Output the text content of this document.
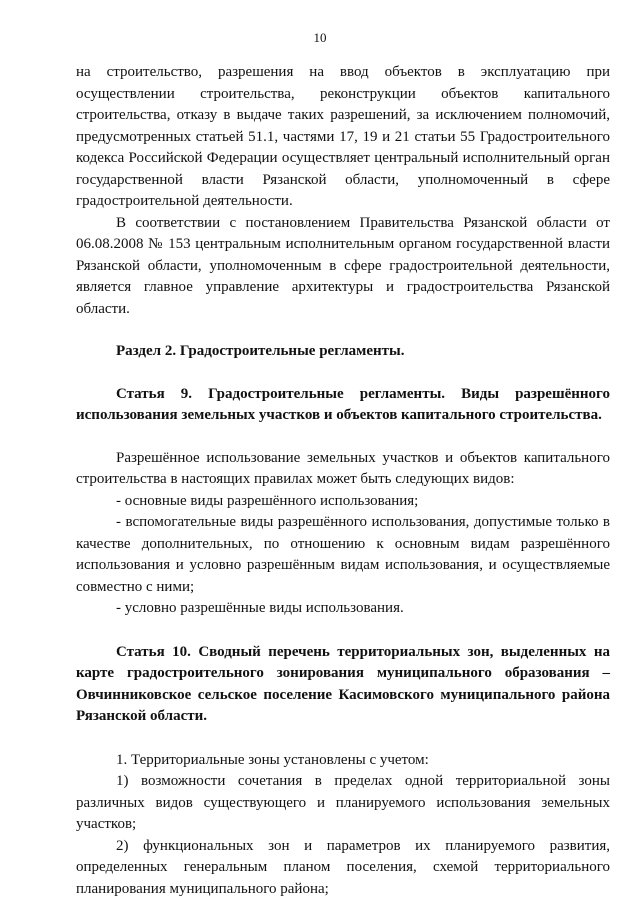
10

на строительство, разрешения на ввод объектов в эксплуатацию при осуществлении строительства, реконструкции объектов капитального строительства, отказу в выдаче таких разрешений, за исключением полномочий, предусмотренных статьей 51.1, частями 17, 19 и 21 статьи 55 Градостроительного кодекса Российской Федерации осуществляет центральный исполнительный орган государственной власти Рязанской области, уполномоченный в сфере градостроительной деятельности.

В соответствии с постановлением Правительства Рязанской области от 06.08.2008 № 153 центральным исполнительным органом государственной власти Рязанской области, уполномоченным в сфере градостроительной деятельности, является главное управление архитектуры и градостроительства Рязанской области.

Раздел 2. Градостроительные регламенты.

Статья 9. Градостроительные регламенты. Виды разрешённого использования земельных участков и объектов капитального строительства.

Разрешённое использование земельных участков и объектов капитального строительства в настоящих правилах может быть следующих видов:

- основные виды разрешённого использования;

- вспомогательные виды разрешённого использования, допустимые только в качестве дополнительных, по отношению к основным видам разрешённого использования и условно разрешённым видам использования, и осуществляемые совместно с ними;

- условно разрешённые виды использования.

Статья 10. Сводный перечень территориальных зон, выделенных на карте градостроительного зонирования муниципального образования – Овчинниковское сельское поселение Касимовского муниципального района Рязанской области.

1. Территориальные зоны установлены с учетом:

1) возможности сочетания в пределах одной территориальной зоны различных видов существующего и планируемого использования земельных участков;

2) функциональных зон и параметров их планируемого развития, определенных генеральным планом поселения, схемой территориального планирования муниципального района;
